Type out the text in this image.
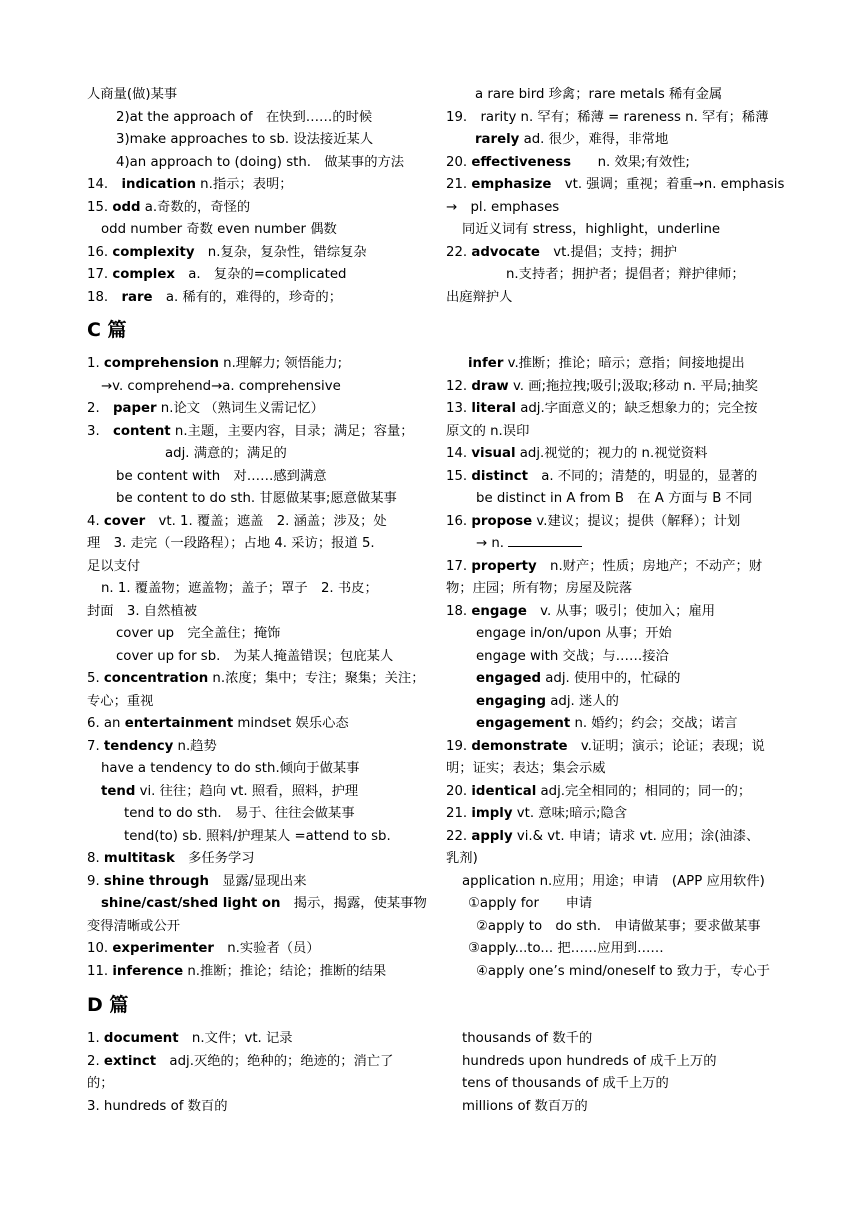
人商量(做)某事
2)at the approach of　在快到……的时候
3)make approaches to sb. 设法接近某人
4)an approach to (doing) sth.　做某事的方法
14.　indication n.指示；表明；
15. odd a.奇数的，奇怪的
odd number 奇数 even number 偶数
16. complexity　n.复杂，复杂性，错综复杂
17. complex　a.　复杂的=complicated
18.　rare　a. 稀有的，难得的，珍奇的；
a rare bird 珍禽；rare metals 稀有金属
19.　rarity n. 罕有；稀薄 = rareness n. 罕有；稀薄
rarely ad. 很少，难得，非常地
20. effectiveness　　n. 效果;有效性;
21. emphasize　vt. 强调；重视；着重→n. emphasis
→　pl. emphases
同近义词有 stress，highlight，underline
22. advocate　vt.提倡；支持；拥护
n.支持者；拥护者；提倡者；辩护律师；
出庭辩护人
C 篇
1. comprehension n.理解力; 领悟能力;
→v. comprehend→a. comprehensive
2.　paper n.论文 （熟词生义需记忆）
3.　content n.主题，主要内容，目录；满足；容量；
adj. 满意的；满足的
be content with　对……感到满意
be content to do sth. 甘愿做某事;愿意做某事
4. cover　vt. 1. 覆盖；遮盖　2. 涵盖；涉及；处
理　3. 走完（一段路程）；占地 4. 采访；报道 5.
足以支付
n. 1. 覆盖物；遮盖物；盖子；罩子　2. 书皮；
封面　3. 自然植被
cover up　完全盖住；掩饰
cover up for sb.　为某人掩盖错误；包庇某人
5. concentration n.浓度；集中；专注；聚集；关注；
专心；重视
6. an entertainment mindset 娱乐心态
7. tendency n.趋势
have a tendency to do sth.倾向于做某事
tend vi. 往往；趋向 vt. 照看，照料，护理
tend to do sth.　易于、往往会做某事
tend(to) sb. 照料/护理某人 =attend to sb.
8. multitask　多任务学习
9. shine through　显露/显现出来
shine/cast/shed light on　揭示，揭露，使某事物
变得清晰或公开
10. experimenter　n.实验者（员）
11. inference n.推断；推论；结论；推断的结果
infer v.推断；推论；暗示；意指；间接地提出
12. draw v. 画;拖拉拽;吸引;汲取;移动 n. 平局;抽奖
13. literal adj.字面意义的；缺乏想象力的；完全按
原文的 n.误印
14. visual adj.视觉的；视力的 n.视觉资料
15. distinct　a. 不同的；清楚的，明显的，显著的
be distinct in A from B　在 A 方面与 B 不同
16. propose v.建议；提议；提供（解释）；计划
→ n.
17. property　n.财产；性质；房地产；不动产；财
物；庄园；所有物；房屋及院落
18. engage　v. 从事；吸引；使加入；雇用
engage in/on/upon 从事；开始
engage with 交战；与……接洽
engaged adj. 使用中的，忙碌的
engaging adj. 迷人的
engagement n. 婚约；约会；交战；诺言
19. demonstrate　v.证明；演示；论证；表现；说
明；证实；表达；集会示威
20. identical adj.完全相同的；相同的；同一的；
21. imply vt. 意味;暗示;隐含
22. apply vi.& vt. 申请；请求 vt. 应用；涂(油漆、
乳剂)
application n.应用；用途；申请　(APP 应用软件)
①apply for　　申请
②apply to　do sth.　申请做某事；要求做某事
③apply...to... 把……应用到……
④apply one’s mind/oneself to 致力于，专心于
D 篇
1. document　n.文件；vt. 记录
2. extinct　adj.灭绝的；绝种的；绝迹的；消亡了
的；
3. hundreds of 数百的
thousands of 数千的
hundreds upon hundreds of 成千上万的
tens of thousands of 成千上万的
millions of 数百万的
